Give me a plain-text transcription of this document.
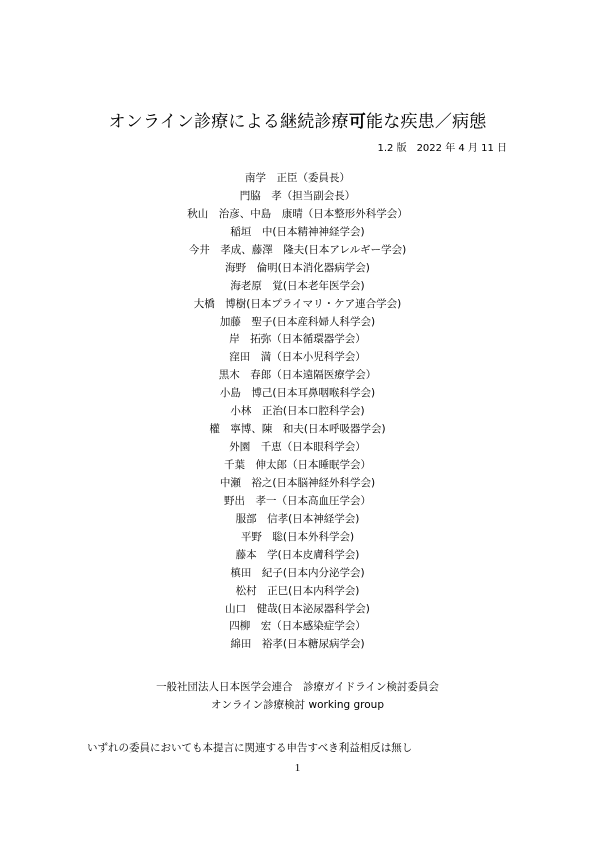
オンライン診療による継続診療可能な疾患／病態
1.2 版　2022 年 4 月 11 日
南学　正臣（委員長）
門脇　孝（担当副会長）
秋山　治彦、中島　康晴（日本整形外科学会）
稲垣　中(日本精神神経学会)
今井　孝成、藤澤　隆夫(日本アレルギー学会)
海野　倫明(日本消化器病学会)
海老原　覚(日本老年医学会)
大橋　博樹(日本プライマリ・ケア連合学会)
加藤　聖子(日本産科婦人科学会)
岸　拓弥（日本循環器学会）
窪田　満（日本小児科学会）
黒木　春郎（日本遠隔医療学会）
小島　博己(日本耳鼻咽喉科学会)
小林　正治(日本口腔科学会)
權　寧博、陳　和夫(日本呼吸器学会)
外園　千恵（日本眼科学会）
千葉　伸太郎（日本睡眠学会）
中瀬　裕之(日本脳神経外科学会)
野出　孝一（日本高血圧学会）
服部　信孝(日本神経学会)
平野　聡(日本外科学会)
藤本　学(日本皮膚科学会)
槙田　紀子(日本内分泌学会)
松村　正巳(日本内科学会)
山口　健哉(日本泌尿器科学会)
四柳　宏（日本感染症学会）
綿田　裕孝(日本糖尿病学会)
一般社団法人日本医学会連合　診療ガイドライン検討委員会
オンライン診療検討 working group
いずれの委員においても本提言に関連する申告すべき利益相反は無し
1
